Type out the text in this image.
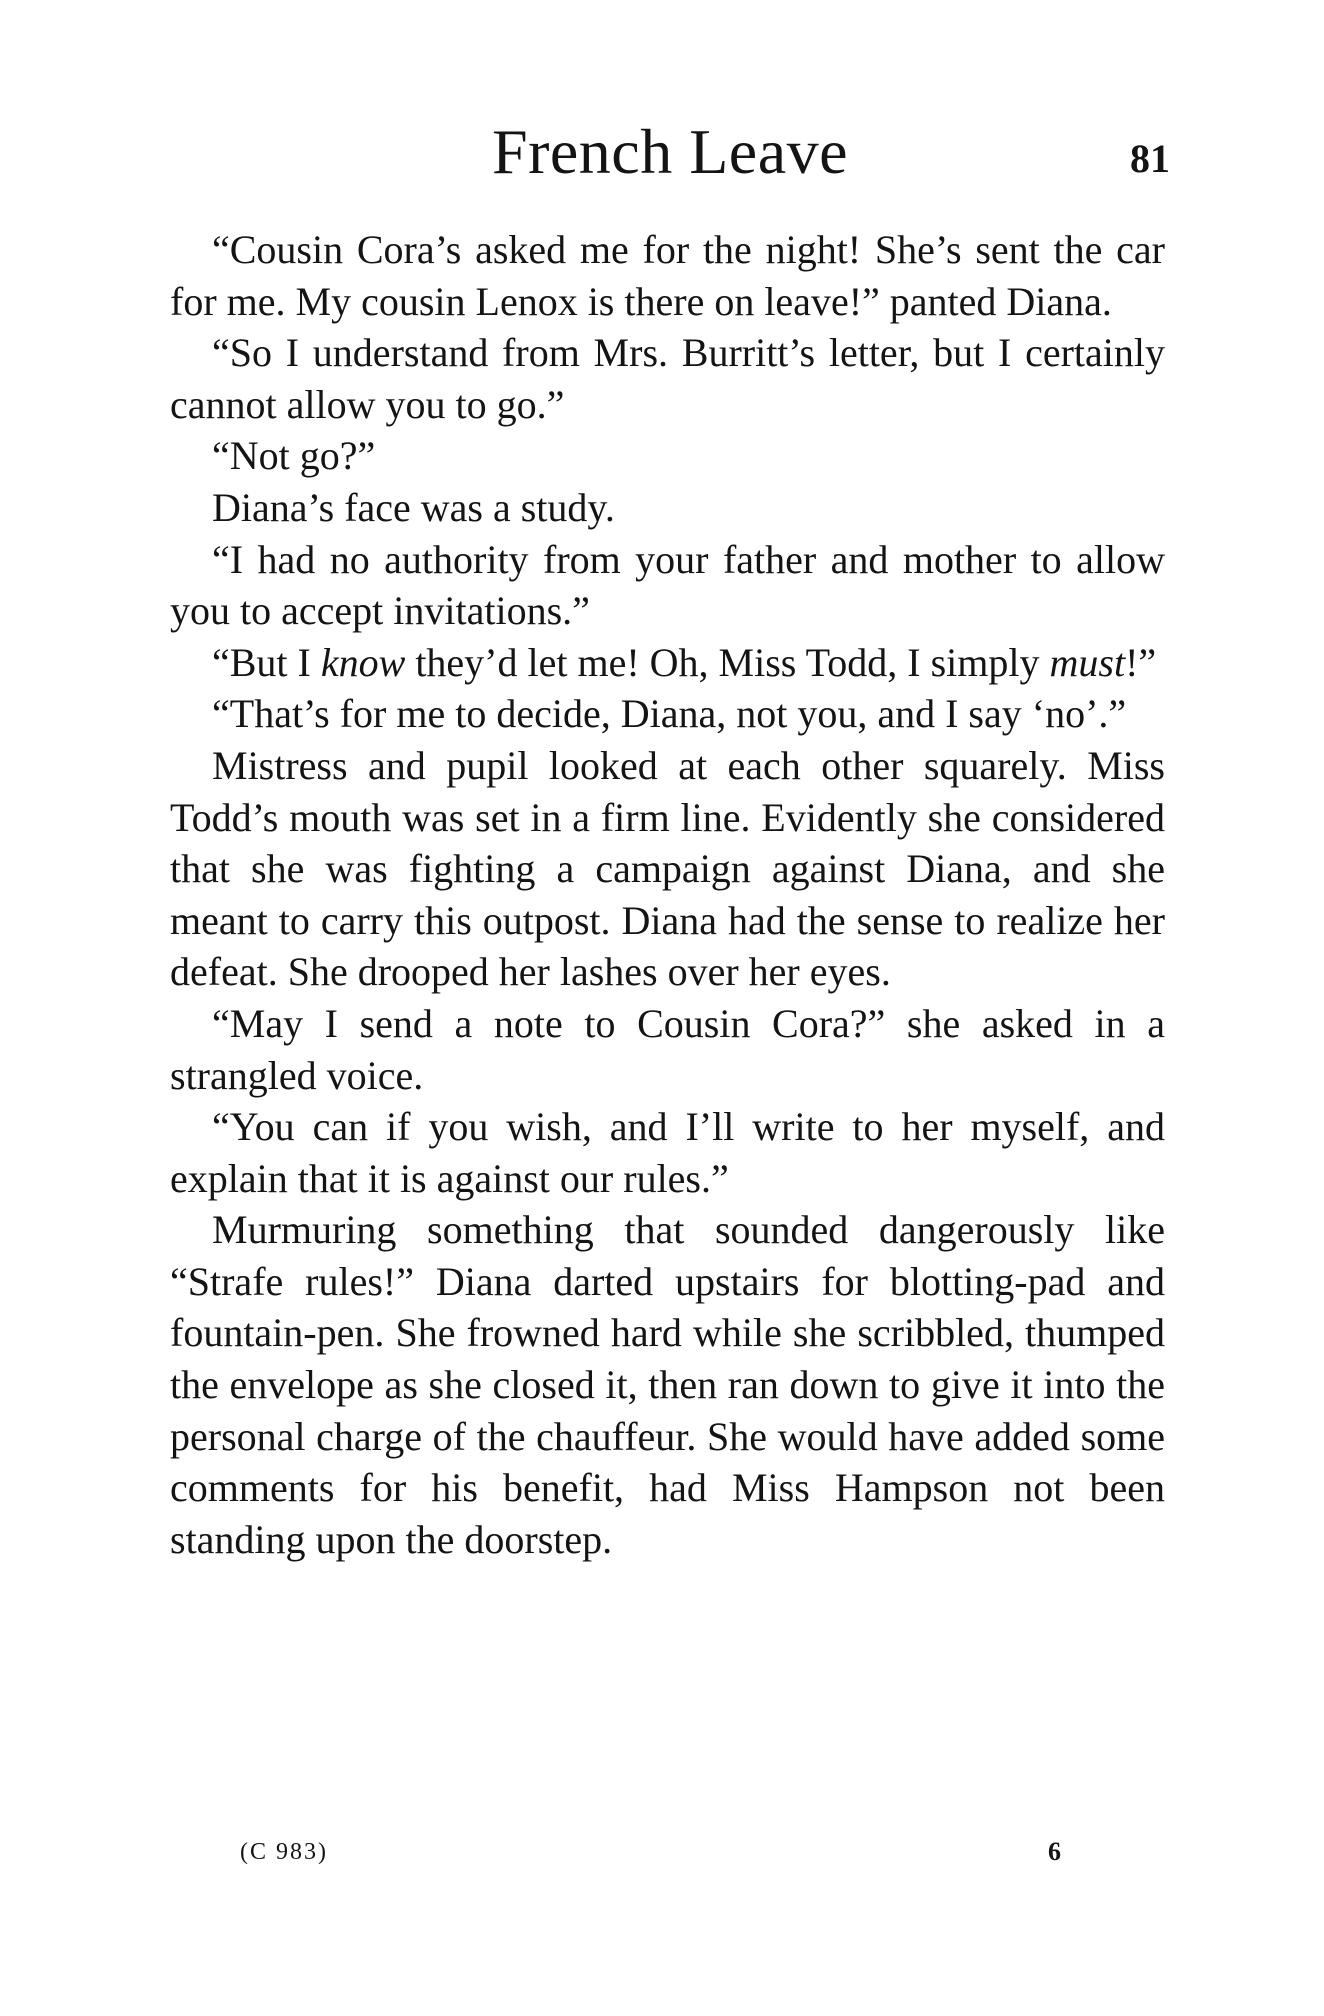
French Leave	81

“Cousin Cora’s asked me for the night! She’s sent the car for me. My cousin Lenox is there on leave!” panted Diana.

“So I understand from Mrs. Burritt’s letter, but I certainly cannot allow you to go.”

“Not go?”

Diana’s face was a study.

“I had no authority from your father and mother to allow you to accept invitations.”

“But I know they’d let me! Oh, Miss Todd, I simply must!”

“That’s for me to decide, Diana, not you, and I say ‘no’.”

Mistress and pupil looked at each other squarely. Miss Todd’s mouth was set in a firm line. Evidently she considered that she was fighting a campaign against Diana, and she meant to carry this outpost. Diana had the sense to realize her defeat. She drooped her lashes over her eyes.

“May I send a note to Cousin Cora?” she asked in a strangled voice.

“You can if you wish, and I’ll write to her myself, and explain that it is against our rules.”

Murmuring something that sounded dangerously like “Strafe rules!” Diana darted upstairs for blotting-pad and fountain-pen. She frowned hard while she scribbled, thumped the envelope as she closed it, then ran down to give it into the personal charge of the chauffeur. She would have added some comments for his benefit, had Miss Hampson not been standing upon the doorstep.

(C 983)	6
